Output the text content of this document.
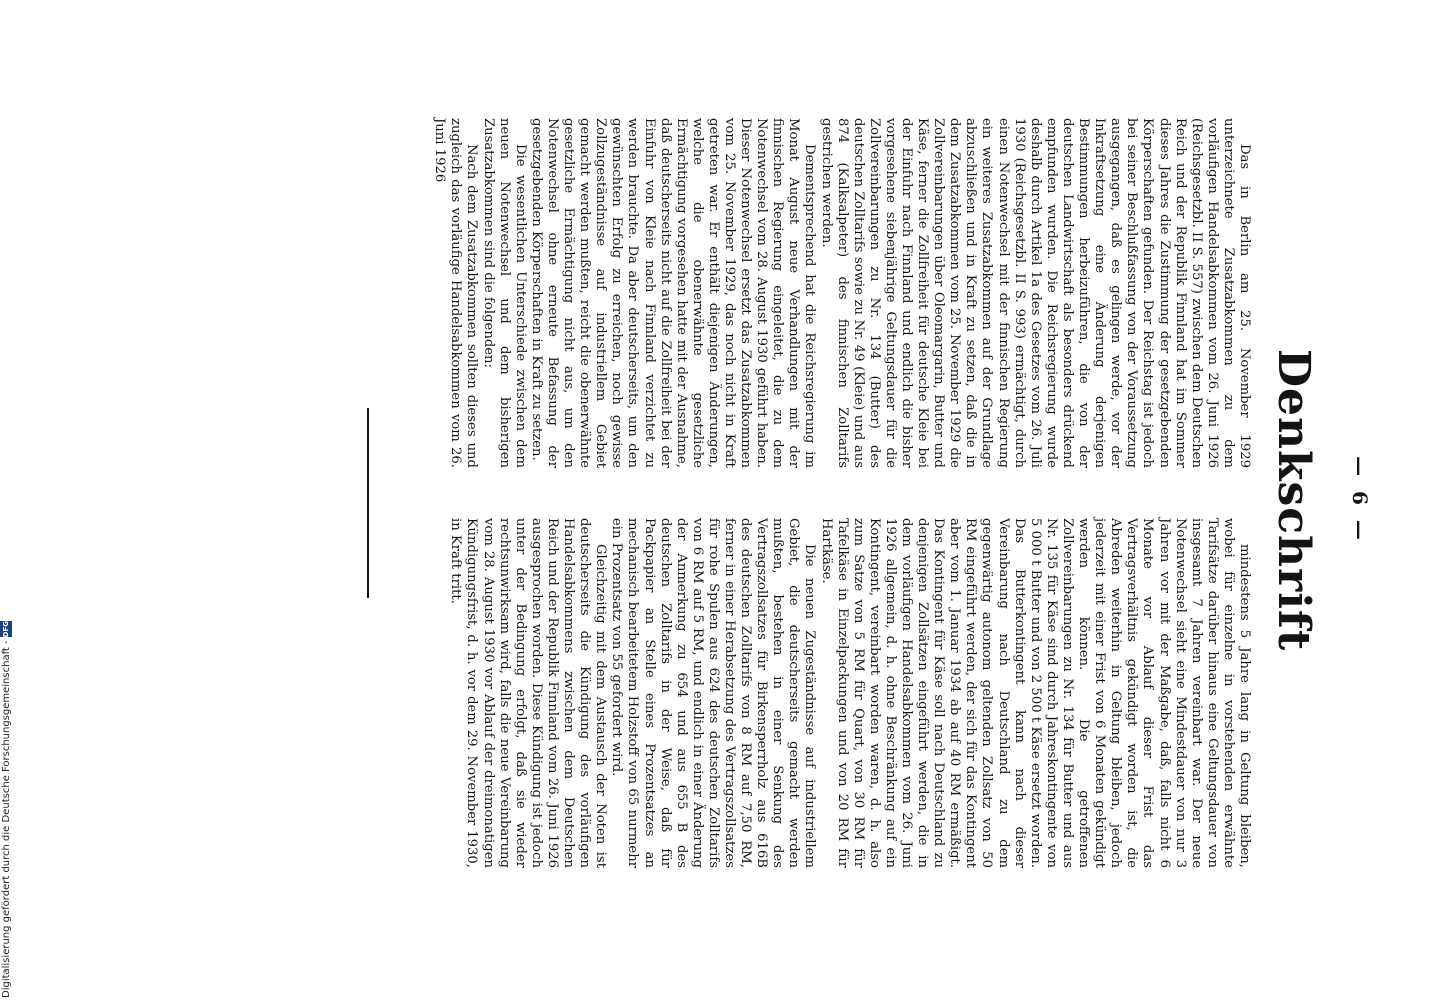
— 6 —
Denkschrift

Das in Berlin am 25. November 1929 unterzeichnete Zusatzabkommen zu dem vorläufigen Handelsabkommen vom 26. Juni 1926 (Reichsgesetzbl. II S. 557) zwischen dem Deutschen Reich und der Republik Finnland hat im Sommer dieses Jahres die Zustimmung der gesetzgebenden Körperschaften gefunden. Der Reichstag ist jedoch bei seiner Beschlußfassung von der Voraussetzung ausgegangen, daß es gelingen werde, vor der Inkraftsetzung eine Änderung derjenigen Bestimmungen herbeizuführen, die von der deutschen Landwirtschaft als besonders drückend empfunden wurden. Die Reichsregierung wurde deshalb durch Artikel 1a des Gesetzes vom 26. Juli 1930 (Reichsgesetzbl. II S. 993) ermächtigt, durch einen Notenwechsel mit der finnischen Regierung ein weiteres Zusatzabkommen auf der Grundlage abzuschließen und in Kraft zu setzen, daß die in dem Zusatzabkommen vom 25. November 1929 die Zollvereinbarungen über Oleomargarin, Butter und Käse, ferner die Zollfreiheit für deutsche Kleie bei der Einfuhr nach Finnland und endlich die bisher vorgesehene siebenjährige Geltungsdauer für die Zollvereinbarungen zu Nr. 134 (Butter) des deutschen Zolltarifs sowie zu Nr. 49 (Kleie) und aus 874 (Kalksalpeter) des finnischen Zolltarifs gestrichen werden.

Dementsprechend hat die Reichsregierung im Monat August neue Verhandlungen mit der finnischen Regierung eingeleitet, die zu dem Notenwechsel vom 28. August 1930 geführt haben. Dieser Notenwechsel ersetzt das Zusatzabkommen vom 25. November 1929, das noch nicht in Kraft getreten war. Er enthält diejenigen Änderungen, welche die obenerwähnte gesetzliche Ermächtigung vorgesehen hatte mit der Ausnahme, daß deutscherseits nicht auf die Zollfreiheit bei der Einfuhr von Kleie nach Finnland verzichtet zu werden brauchte. Da aber deutscherseits, um den gewünschten Erfolg zu erreichen, noch gewisse Zollzugeständnisse auf industriellem Gebiet gemacht werden mußten, reicht die obenerwähnte gesetzliche Ermächtigung nicht aus, um den Notenwechsel ohne erneute Befassung der gesetzgebenden Körperschaften in Kraft zu setzen.

Die wesentlichen Unterschiede zwischen dem neuen Notenwechsel und dem bisherigen Zusatzabkommen sind die folgenden:

Nach dem Zusatzabkommen sollten dieses und zugleich das vorläufige Handelsabkommen vom 26. Juni 1926

mindestens 5 Jahre lang in Geltung bleiben, wobei für einzelne in vorstehenden erwähnte Tarifsätze darüber hinaus eine Geltungsdauer von insgesamt 7 Jahren vereinbart war. Der neue Notenwechsel sieht eine Mindestdauer von nur 3 Jahren vor mit der Maßgabe, daß, falls nicht 6 Monate vor Ablauf dieser Frist das Vertragsverhältnis gekündigt worden ist, die Abreden weiterhin in Geltung bleiben, jedoch jederzeit mit einer Frist von 6 Monaten gekündigt werden können. Die getroffenen Zollvereinbarungen zu Nr. 134 für Butter und aus Nr. 135 für Käse sind durch Jahreskontingente von 5 000 t Butter und von 2 500 t Käse ersetzt worden. Das Butterkontingent kann nach dieser Vereinbarung nach Deutschland zu dem gegenwärtig autonom geltenden Zollsatz von 50 RM eingeführt werden, der sich für das Kontingent aber vom 1. Januar 1934 ab auf 40 RM ermäßigt. Das Kontingent für Käse soll nach Deutschland zu denjenigen Zollsätzen eingeführt werden, die in dem vorläufigen Handelsabkommen vom 26. Juni 1926 allgemein, d. h. ohne Beschränkung auf ein Kontingent, vereinbart worden waren, d. h. also zum Satze von 5 RM für Quart, von 30 RM für Tafelkäse in Einzelpackungen und von 20 RM für Hartkäse.

Die neuen Zugeständnisse auf industriellem Gebiet, die deutscherseits gemacht werden mußten, bestehen in einer Senkung des Vertragszollsatzes für Birkensperrholz aus 616B des deutschen Zolltarifs von 8 RM auf 7,50 RM, ferner in einer Herabsetzung des Vertragszollsatzes für rohe Spulen aus 624 des deutschen Zolltarifs von 6 RM auf 5 RM, und endlich in einer Änderung der Anmerkung zu 654 und aus 655 B des deutschen Zolltarifs in der Weise, daß für Packpapier an Stelle eines Prozentsatzes an mechanisch bearbeitetem Holzstoff von 65 nurmehr ein Prozentsatz von 55 gefordert wird.

Gleichzeitig mit dem Austausch der Noten ist deutscherseits die Kündigung des vorläufigen Handelsabkommens zwischen dem Deutschen Reich und der Republik Finnland vom 26. Juni 1926 ausgesprochen worden. Diese Kündigung ist jedoch unter der Bedingung erfolgt, daß sie wieder rechtsunwirksam wird, falls die neue Vereinbarung vom 28. August 1930 vor Ablauf der dreimonatigen Kündigungsfrist, d. h. vor dem 29. November 1930, in Kraft tritt.

Digitalisierung gefördert durch die Deutsche Forschungsgemeinschaft -
DFG
